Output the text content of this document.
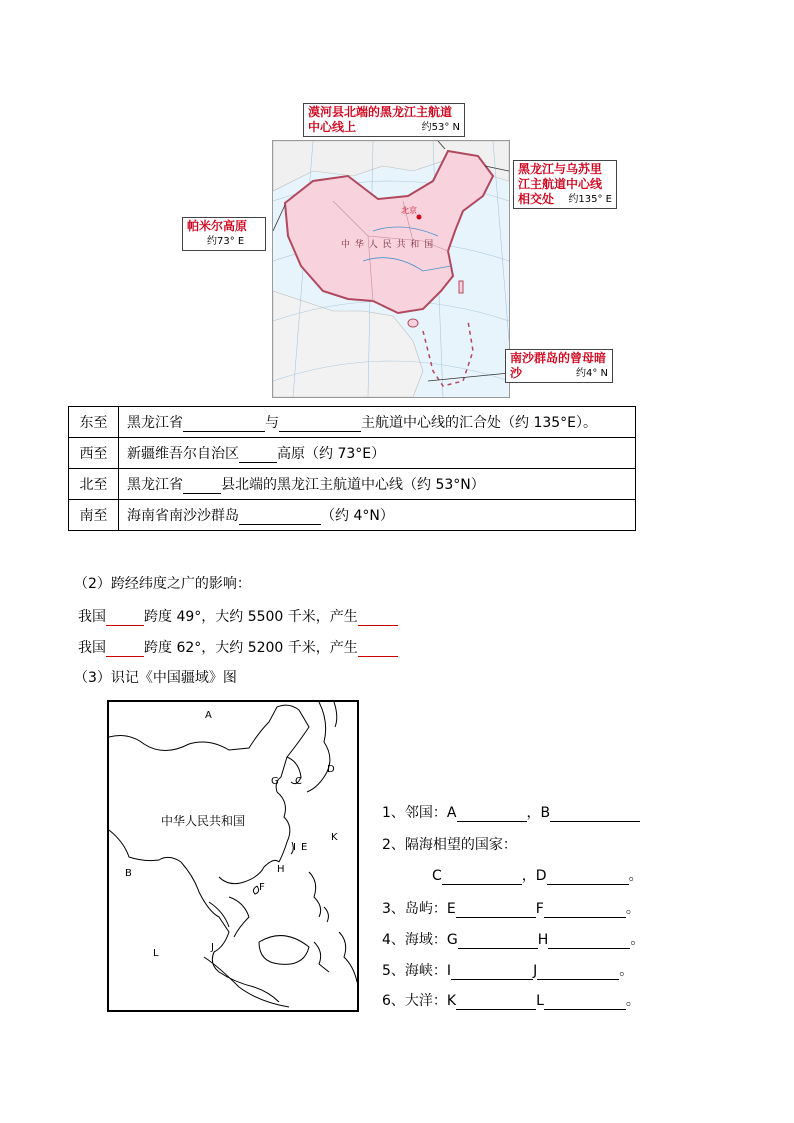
北京
中 华 人 民 共 和 国
漠河县北端的黑龙江主航道中心线上	约53° N
黑龙江与乌苏里江主航道中心线相交处	约135° E
帕米尔高原
约73° E
南沙群岛的曾母暗沙	约4° N
东至	黑龙江省 与 主航道中心线的汇合处（约 135°E）。
西至	新疆维吾尔自治区 高原（约 73°E）
北至	黑龙江省 县北端的黑龙江主航道中心线（约 53°N）
南至	海南省南沙沙群岛 （约 4°N）
（2）跨经纬度之广的影响：
我国	跨度 49°，大约 5500 千米，产生
我国	跨度 62°，大约 5200 千米，产生
（3）识记《中国疆域》图
A
B
C
D
E
F
G
H
I
J
K
L
中华人民共和国	1、邻国：A	，B
2、隔海相望的国家：
C	，D	。
3、岛屿：E	F	。
4、海域：G	H	。
5、海峡：I	J	。
6、大洋：K	L	。
